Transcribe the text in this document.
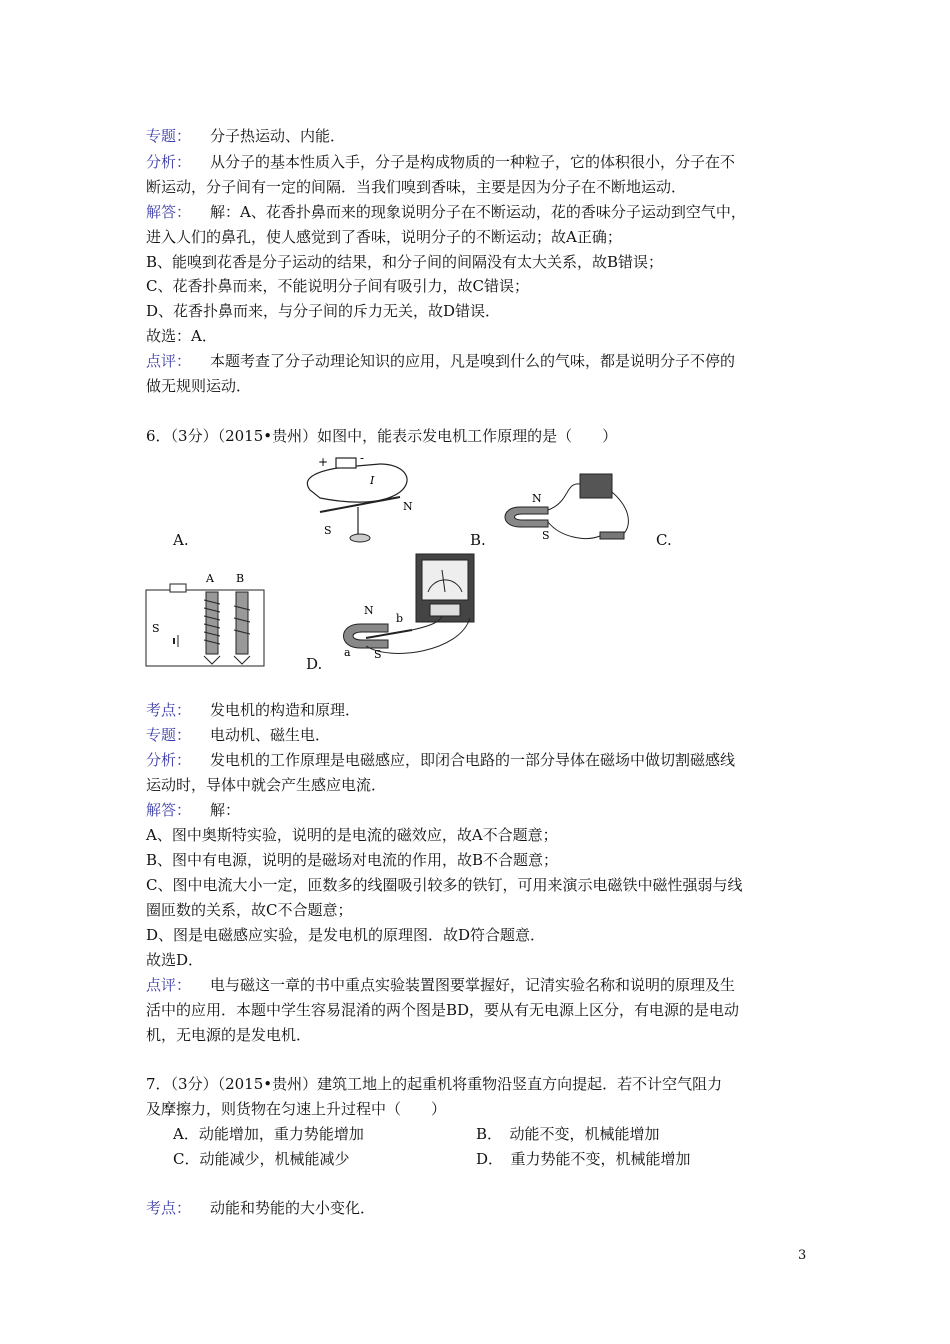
专题： 分子热运动、内能．
分析： 从分子的基本性质入手，分子是构成物质的一种粒子，它的体积很小，分子在不
断运动，分子间有一定的间隔．当我们嗅到香味，主要是因为分子在不断地运动．
解答： 解：A、花香扑鼻而来的现象说明分子在不断运动，花的香味分子运动到空气中，
进入人们的鼻孔，使人感觉到了香味，说明分子的不断运动；故A正确；
B、能嗅到花香是分子运动的结果，和分子间的间隔没有太大关系，故B错误；
C、花香扑鼻而来，不能说明分子间有吸引力，故C错误；
D、花香扑鼻而来，与分子间的斥力无关，故D错误．
故选：A．
点评： 本题考查了分子动理论知识的应用，凡是嗅到什么的气味，都是说明分子不停的
做无规则运动．
6．（3分）（2015•贵州）如图中，能表示发电机工作原理的是（　　）
+	-
I
S
N
N
S
A.	B.	C.
A B
S
N
S
b
a
D.
考点： 发电机的构造和原理．
专题： 电动机、磁生电．
分析： 发电机的工作原理是电磁感应，即闭合电路的一部分导体在磁场中做切割磁感线
运动时，导体中就会产生感应电流．
解答： 解：
A、图中奥斯特实验，说明的是电流的磁效应，故A不合题意；
B、图中有电源，说明的是磁场对电流的作用，故B不合题意；
C、图中电流大小一定，匝数多的线圈吸引较多的铁钉，可用来演示电磁铁中磁性强弱与线
圈匝数的关系，故C不合题意；
D、图是电磁感应实验，是发电机的原理图．故D符合题意．
故选D．
点评： 电与磁这一章的书中重点实验装置图要掌握好，记清实验名称和说明的原理及生
活中的应用．本题中学生容易混淆的两个图是BD，要从有无电源上区分，有电源的是电动
机，无电源的是发电机．
7．（3分）（2015•贵州）建筑工地上的起重机将重物沿竖直方向提起．若不计空气阻力
及摩擦力，则货物在匀速上升过程中（　　）
A．动能增加，重力势能增加	B．　动能不变，机械能增加
C．动能减少，机械能减少	D．　重力势能不变，机械能增加
考点： 动能和势能的大小变化．
3
